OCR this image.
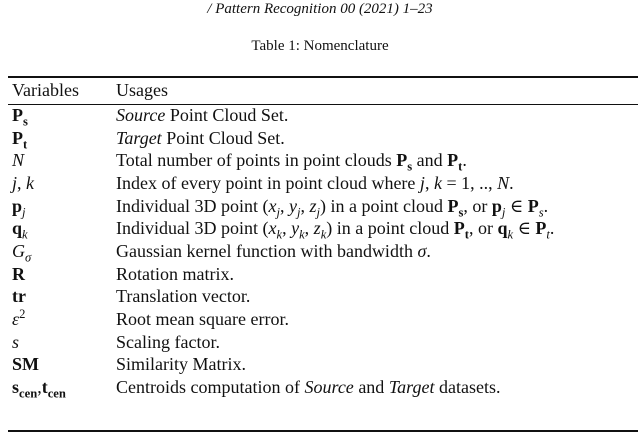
/ Pattern Recognition 00 (2021) 1–23
Table 1: Nomenclature
Variables	Usages
$P_s$	Source Point Cloud Set.
$P_t$	Target Point Cloud Set.
N	Total number of points in point clouds $P_s$ and $P_t$.
j, k	Index of every point in point cloud where j, k = 1, .., N.
$p_j$	Individual 3D point ($x_j$, $y_j$, $z_j$) in a point cloud $P_s$, or $p_j$ ∈ $P_s$.
$q_k$	Individual 3D point ($x_k$, $y_k$, $z_k$) in a point cloud $P_t$, or $q_k$ ∈ $P_t$.
$G_\sigma$	Gaussian kernel function with bandwidth σ.
R	Rotation matrix.
tr	Translation vector.
$\varepsilon^2$	Root mean square error.
s	Scaling factor.
SM	Similarity Matrix.
$s_{cen},t_{cen}$	Centroids computation of Source and Target datasets.
